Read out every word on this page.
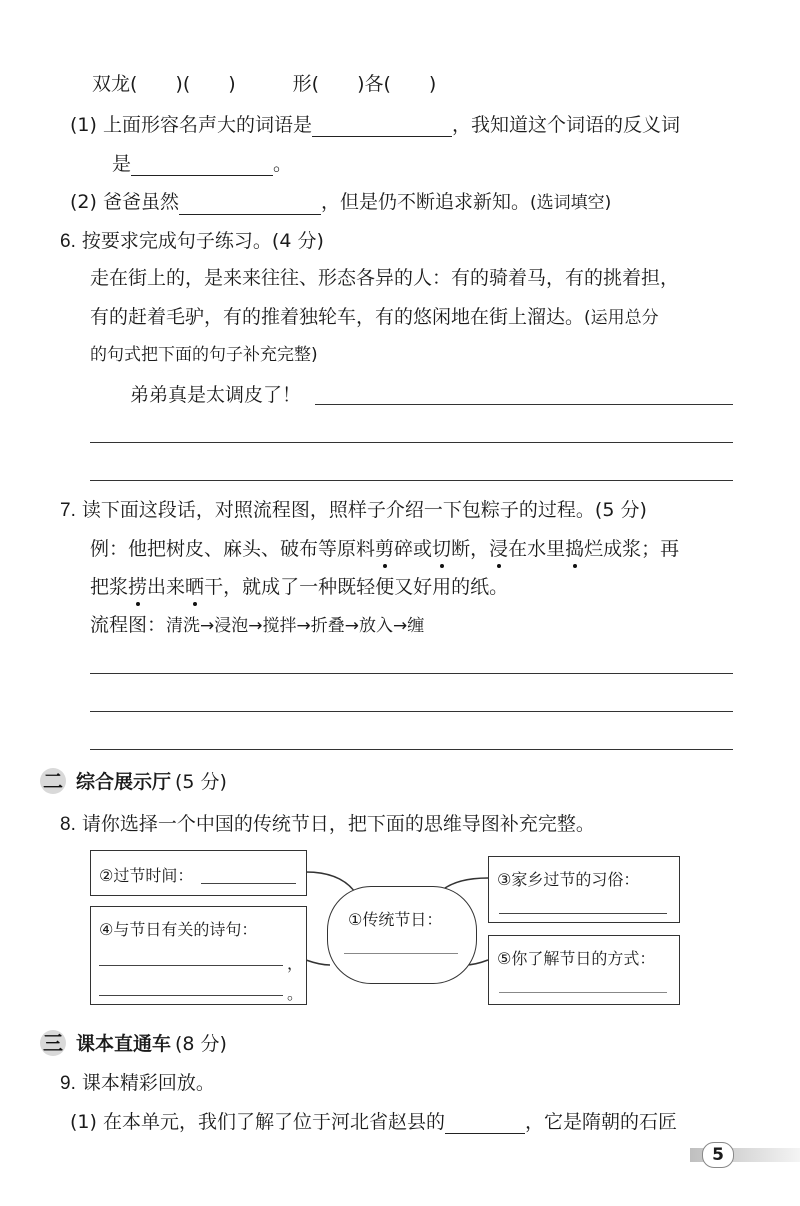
双龙(　　)(　　)　　　形(　　)各(　　)
(1) 上面形容名声大的词语是	，我知道这个词语的反义词
是	。
(2) 爸爸虽然	，但是仍不断追求新知。(选词填空)
6. 按要求完成句子练习。(4 分)
走在街上的，是来来往往、形态各异的人：有的骑着马，有的挑着担，
有的赶着毛驴，有的推着独轮车，有的悠闲地在街上溜达。(运用总分
的句式把下面的句子补充完整)
弟弟真是太调皮了！
7. 读下面这段话，对照流程图，照样子介绍一下包粽子的过程。(5 分)
例：他把树皮、麻头、破布等原料剪碎或切断，浸在水里捣烂成浆；再
把浆捞出来晒干，就成了一种既轻便又好用的纸。
流程图：清洗→浸泡→搅拌→折叠→放入→缠
二 综合展示厅 (5 分)
8. 请你选择一个中国的传统节日，把下面的思维导图补充完整。
②过节时间：
④与节日有关的诗句：
，
。
①传统节日：
③家乡过节的习俗：
⑤你了解节日的方式：
三 课本直通车 (8 分)
9. 课本精彩回放。
(1) 在本单元，我们了解了位于河北省赵县的	，它是隋朝的石匠
5
